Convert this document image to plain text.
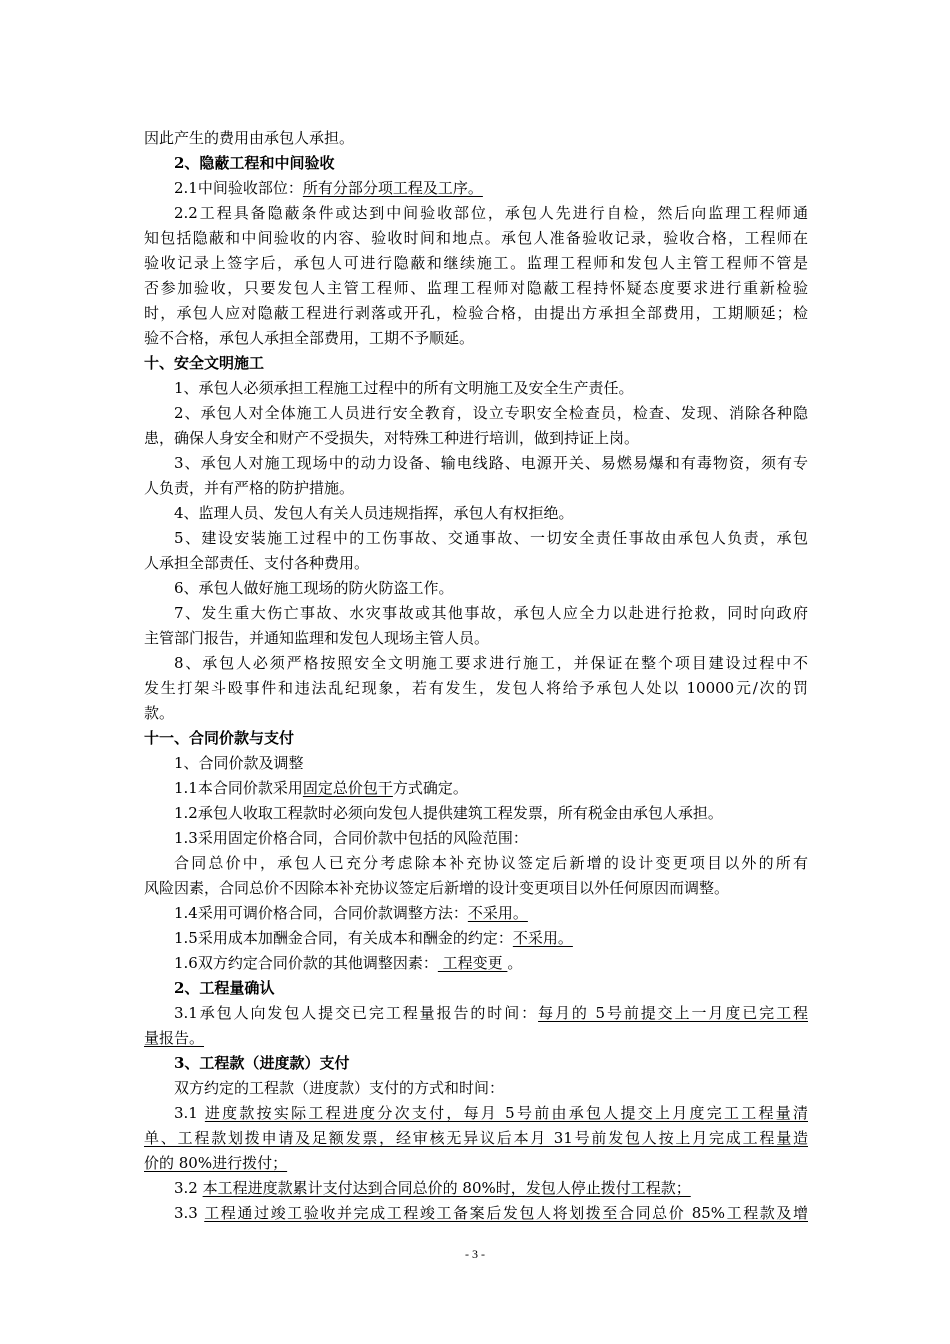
因此产生的费用由承包人承担。
2、隐蔽工程和中间验收
2.1中间验收部位：所有分部分项工程及工序。
2.2工程具备隐蔽条件或达到中间验收部位，承包人先进行自检，然后向监理工程师通
知包括隐蔽和中间验收的内容、验收时间和地点。承包人准备验收记录，验收合格，工程师在
验收记录上签字后，承包人可进行隐蔽和继续施工。监理工程师和发包人主管工程师不管是
否参加验收，只要发包人主管工程师、监理工程师对隐蔽工程持怀疑态度要求进行重新检验
时，承包人应对隐蔽工程进行剥落或开孔，检验合格，由提出方承担全部费用，工期顺延；检
验不合格，承包人承担全部费用，工期不予顺延。
十、安全文明施工
1、承包人必须承担工程施工过程中的所有文明施工及安全生产责任。
2、承包人对全体施工人员进行安全教育，设立专职安全检查员，检查、发现、消除各种隐
患，确保人身安全和财产不受损失，对特殊工种进行培训，做到持证上岗。
3、承包人对施工现场中的动力设备、输电线路、电源开关、易燃易爆和有毒物资，须有专
人负责，并有严格的防护措施。
4、监理人员、发包人有关人员违规指挥，承包人有权拒绝。
5、建设安装施工过程中的工伤事故、交通事故、一切安全责任事故由承包人负责，承包
人承担全部责任、支付各种费用。
6、承包人做好施工现场的防火防盗工作。
7、发生重大伤亡事故、水灾事故或其他事故，承包人应全力以赴进行抢救，同时向政府
主管部门报告，并通知监理和发包人现场主管人员。
8、承包人必须严格按照安全文明施工要求进行施工，并保证在整个项目建设过程中不
发生打架斗殴事件和违法乱纪现象，若有发生，发包人将给予承包人处以 10000元/次的罚
款。
十一、合同价款与支付
1、合同价款及调整
1.1本合同价款采用固定总价包干方式确定。
1.2承包人收取工程款时必须向发包人提供建筑工程发票，所有税金由承包人承担。
1.3采用固定价格合同，合同价款中包括的风险范围：
合同总价中，承包人已充分考虑除本补充协议签定后新增的设计变更项目以外的所有
风险因素，合同总价不因除本补充协议签定后新增的设计变更项目以外任何原因而调整。
1.4采用可调价格合同，合同价款调整方法：不采用。
1.5采用成本加酬金合同，有关成本和酬金的约定：不采用。
1.6双方约定合同价款的其他调整因素： 工程变更 。
2、工程量确认
3.1承包人向发包人提交已完工程量报告的时间：每月的 5号前提交上一月度已完工程
量报告。
3、工程款（进度款）支付
双方约定的工程款（进度款）支付的方式和时间：
3.1 进度款按实际工程进度分次支付，每月 5号前由承包人提交上月度完工工程量清
单、工程款划拨申请及足额发票，经审核无异议后本月 31号前发包人按上月完成工程量造
价的 80%进行拨付；
3.2 本工程进度款累计支付达到合同总价的 80%时，发包人停止拨付工程款；
3.3 工程通过竣工验收并完成工程竣工备案后发包人将划拨至合同总价 85%工程款及增
- 3 -
